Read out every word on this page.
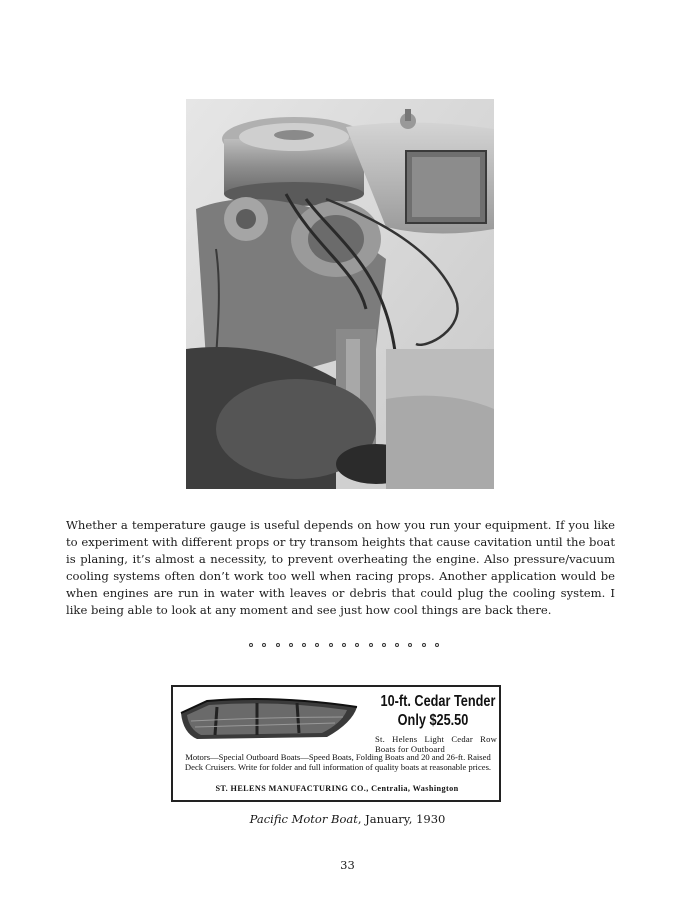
Whether a temperature gauge is useful depends on how you run your equipment. If you like to experiment with different props or try transom heights that cause cavitation until the boat is planing, it’s almost a necessity, to prevent overheating the engine. Also pressure/vacuum cooling systems often don’t work too well when racing props. Another application would be when engines are run in water with leaves or debris that could plug the cooling system. I like being able to look at any moment and see just how cool things are back there.

10-ft. Cedar Tender
Only $25.50
St. Helens Light Cedar Row Boats for Outboard
Motors—Special Outboard Boats—Speed Boats, Folding Boats and 20 and 26-ft. Raised Deck Cruisers. Write for folder and full information of quality boats at reasonable prices.
ST. HELENS MANUFACTURING CO., Centralia, Washington
Pacific Motor Boat, January, 1930
33
